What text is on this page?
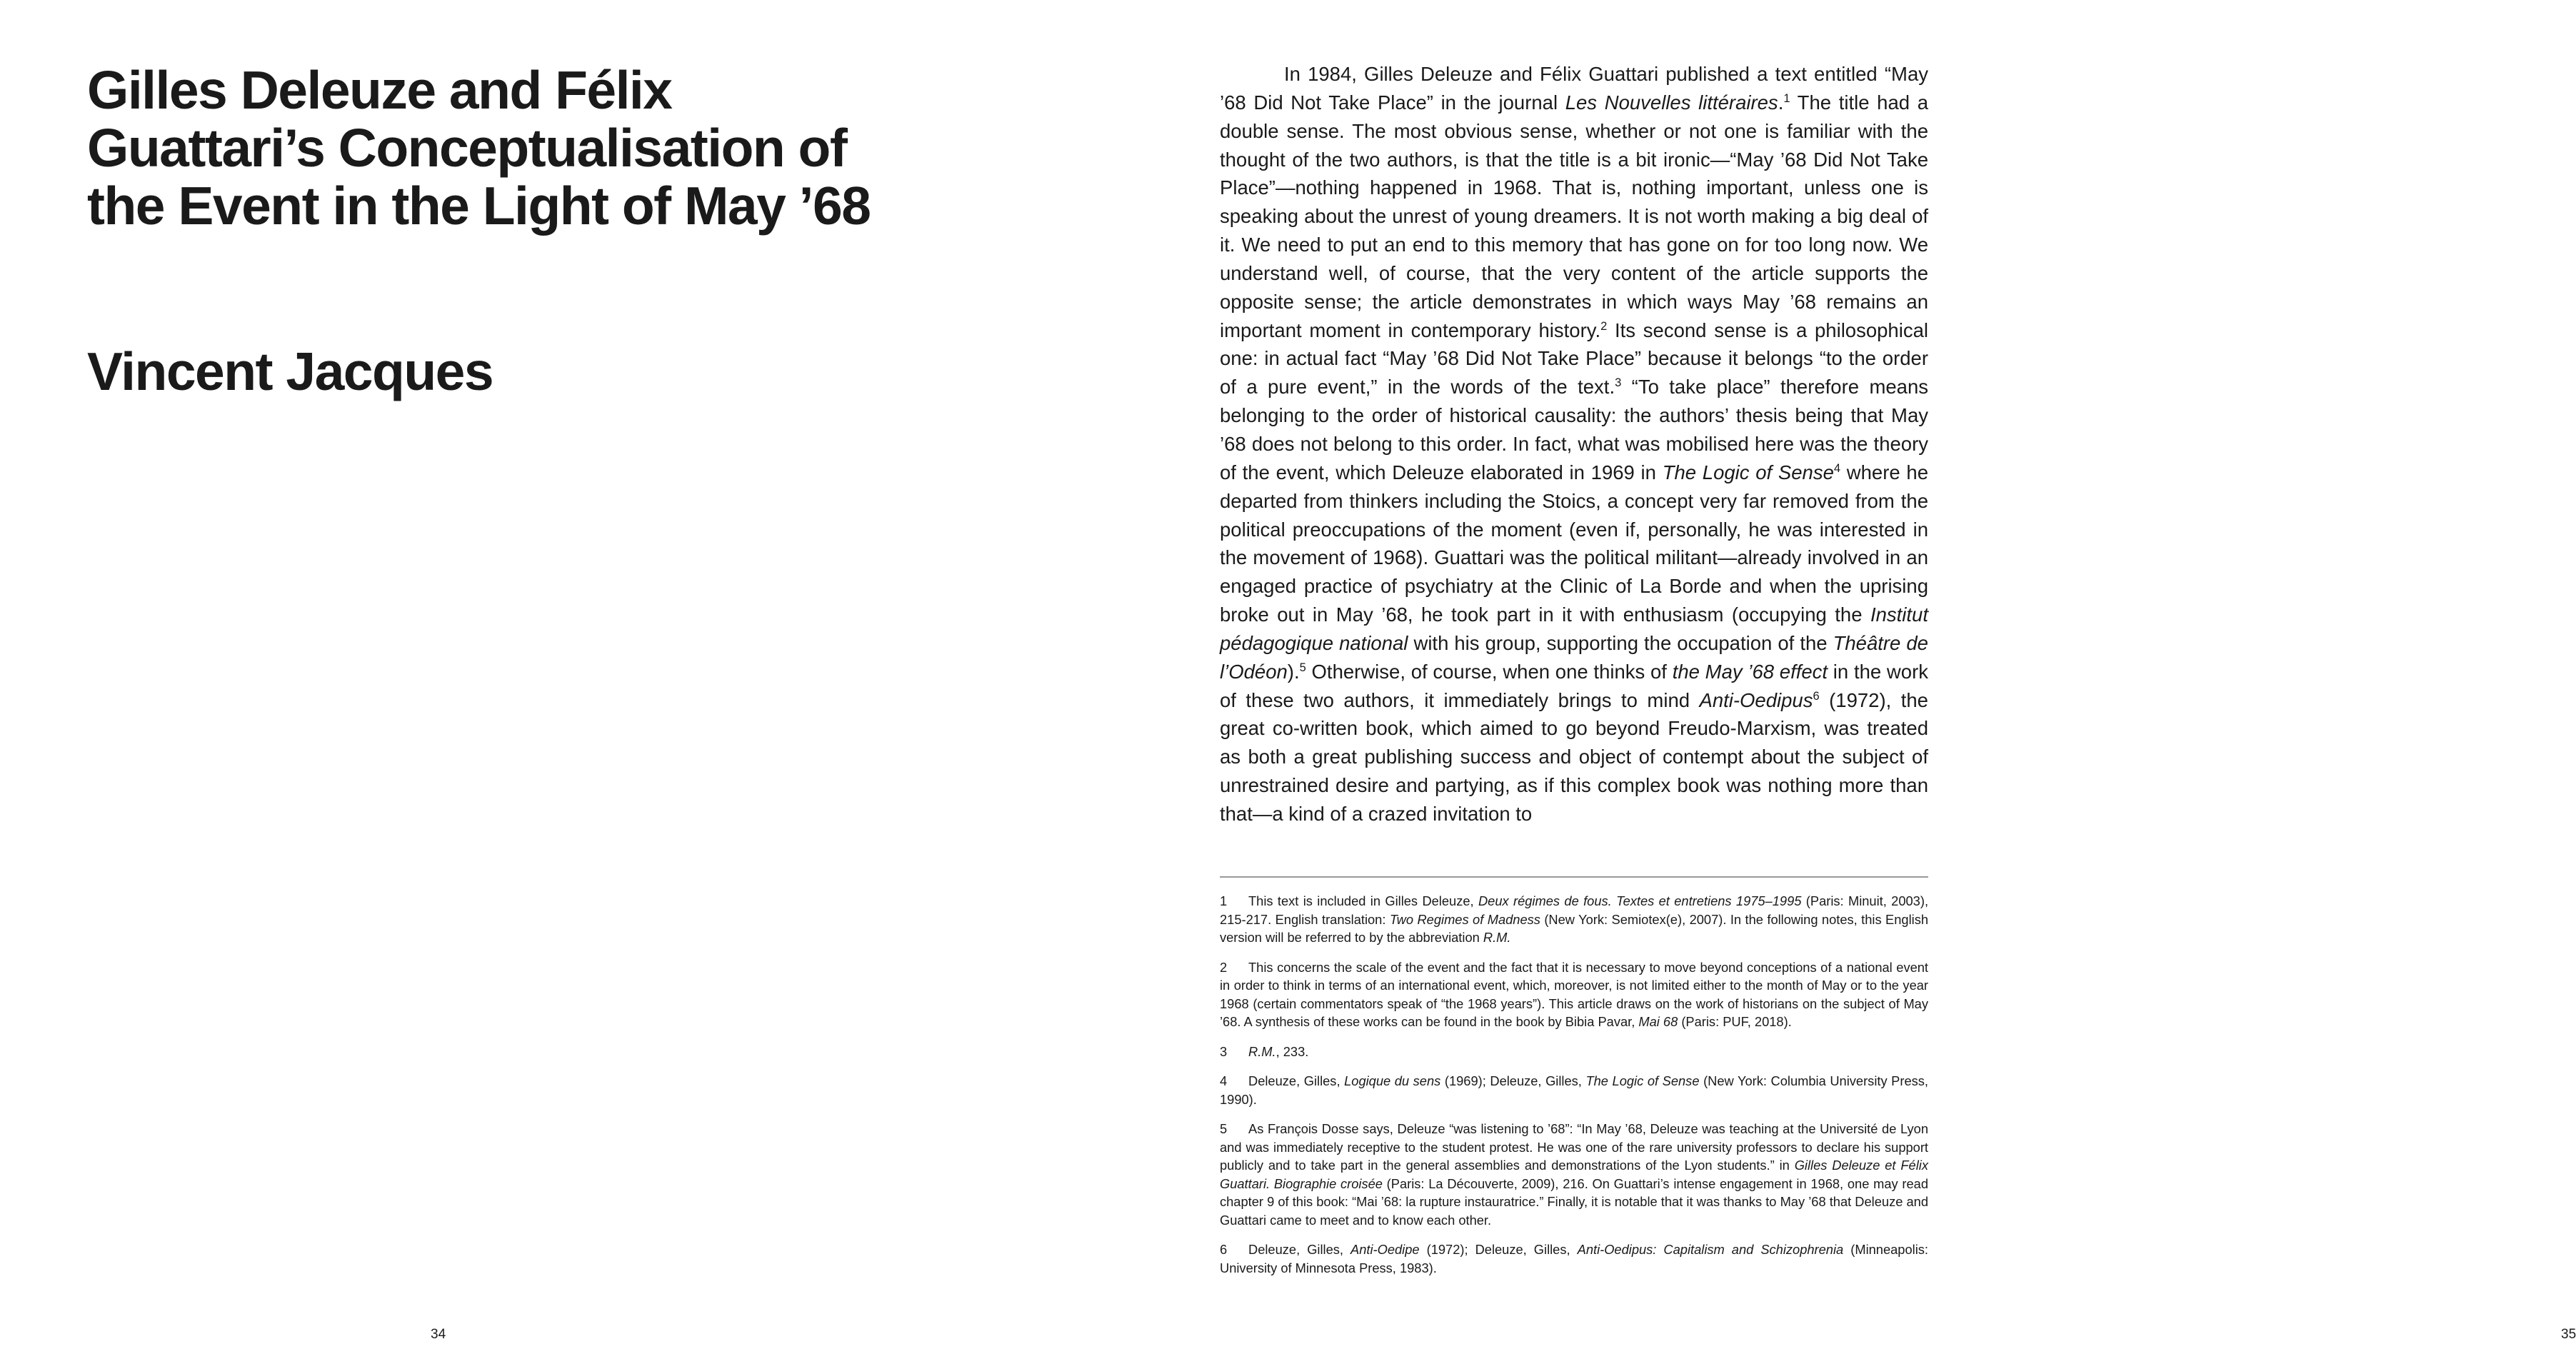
Gilles Deleuze and Félix Guattari’s Conceptualisation of the Event in the Light of May ’68
Vincent Jacques
34	35

In 1984, Gilles Deleuze and Félix Guattari published a text entitled “May ’68 Did Not Take Place” in the journal Les Nouvelles littéraires.$^1$ The title had a double sense. The most obvious sense, whether or not one is familiar with the thought of the two authors, is that the title is a bit ironic—“May ’68 Did Not Take Place”—nothing happened in 1968. That is, nothing important, unless one is speaking about the unrest of young dreamers. It is not worth making a big deal of it. We need to put an end to this memory that has gone on for too long now. We understand well, of course, that the very content of the article supports the opposite sense; the article demonstrates in which ways May ’68 remains an important moment in contemporary history.$^2$ Its second sense is a philosophical one: in actual fact “May ’68 Did Not Take Place” because it belongs “to the order of a pure event,” in the words of the text.$^3$ “To take place” therefore means belonging to the order of historical causality: the authors’ thesis being that May ’68 does not belong to this order. In fact, what was mobilised here was the theory of the event, which Deleuze elaborated in 1969 in The Logic of Sense$^4$ where he departed from thinkers including the Stoics, a concept very far removed from the political preoccupations of the moment (even if, personally, he was interested in the movement of 1968). Guattari was the political militant—already involved in an engaged practice of psychiatry at the Clinic of La Borde and when the uprising broke out in May ’68, he took part in it with enthusiasm (occupying the Institut pédagogique national with his group, supporting the occupation of the Théâtre de l’Odéon).$^5$ Otherwise, of course, when one thinks of the May ’68 effect in the work of these two authors, it immediately brings to mind Anti-Oedipus$^6$ (1972), the great co-written book, which aimed to go beyond Freudo-Marxism, was treated as both a great publishing success and object of contempt about the subject of unrestrained desire and partying, as if this complex book was nothing more than that—a kind of a crazed invitation to

1 This text is included in Gilles Deleuze, Deux régimes de fous. Textes et entretiens 1975–1995 (Paris: Minuit, 2003), 215-217. English translation: Two Regimes of Madness (New York: Semiotex(e), 2007). In the following notes, this English version will be referred to by the abbreviation R.M.

2 This concerns the scale of the event and the fact that it is necessary to move beyond conceptions of a national event in order to think in terms of an international event, which, moreover, is not limited either to the month of May or to the year 1968 (certain commentators speak of “the 1968 years”). This article draws on the work of historians on the subject of May ’68. A synthesis of these works can be found in the book by Bibia Pavar, Mai 68 (Paris: PUF, 2018).

3 R.M., 233.

4 Deleuze, Gilles, Logique du sens (1969); Deleuze, Gilles, The Logic of Sense (New York: Columbia University Press, 1990).

5 As François Dosse says, Deleuze “was listening to ’68”: “In May ’68, Deleuze was teaching at the Université de Lyon and was immediately receptive to the student protest. He was one of the rare university professors to declare his support publicly and to take part in the general assemblies and demonstrations of the Lyon students.” in Gilles Deleuze et Félix Guattari. Biographie croisée (Paris: La Découverte, 2009), 216. On Guattari’s intense engagement in 1968, one may read chapter 9 of this book: “Mai ’68: la rupture instauratrice.” Finally, it is notable that it was thanks to May ’68 that Deleuze and Guattari came to meet and to know each other.

6 Deleuze, Gilles, Anti-Oedipe (1972); Deleuze, Gilles, Anti-Oedipus: Capitalism and Schizophrenia (Minneapolis: University of Minnesota Press, 1983).
